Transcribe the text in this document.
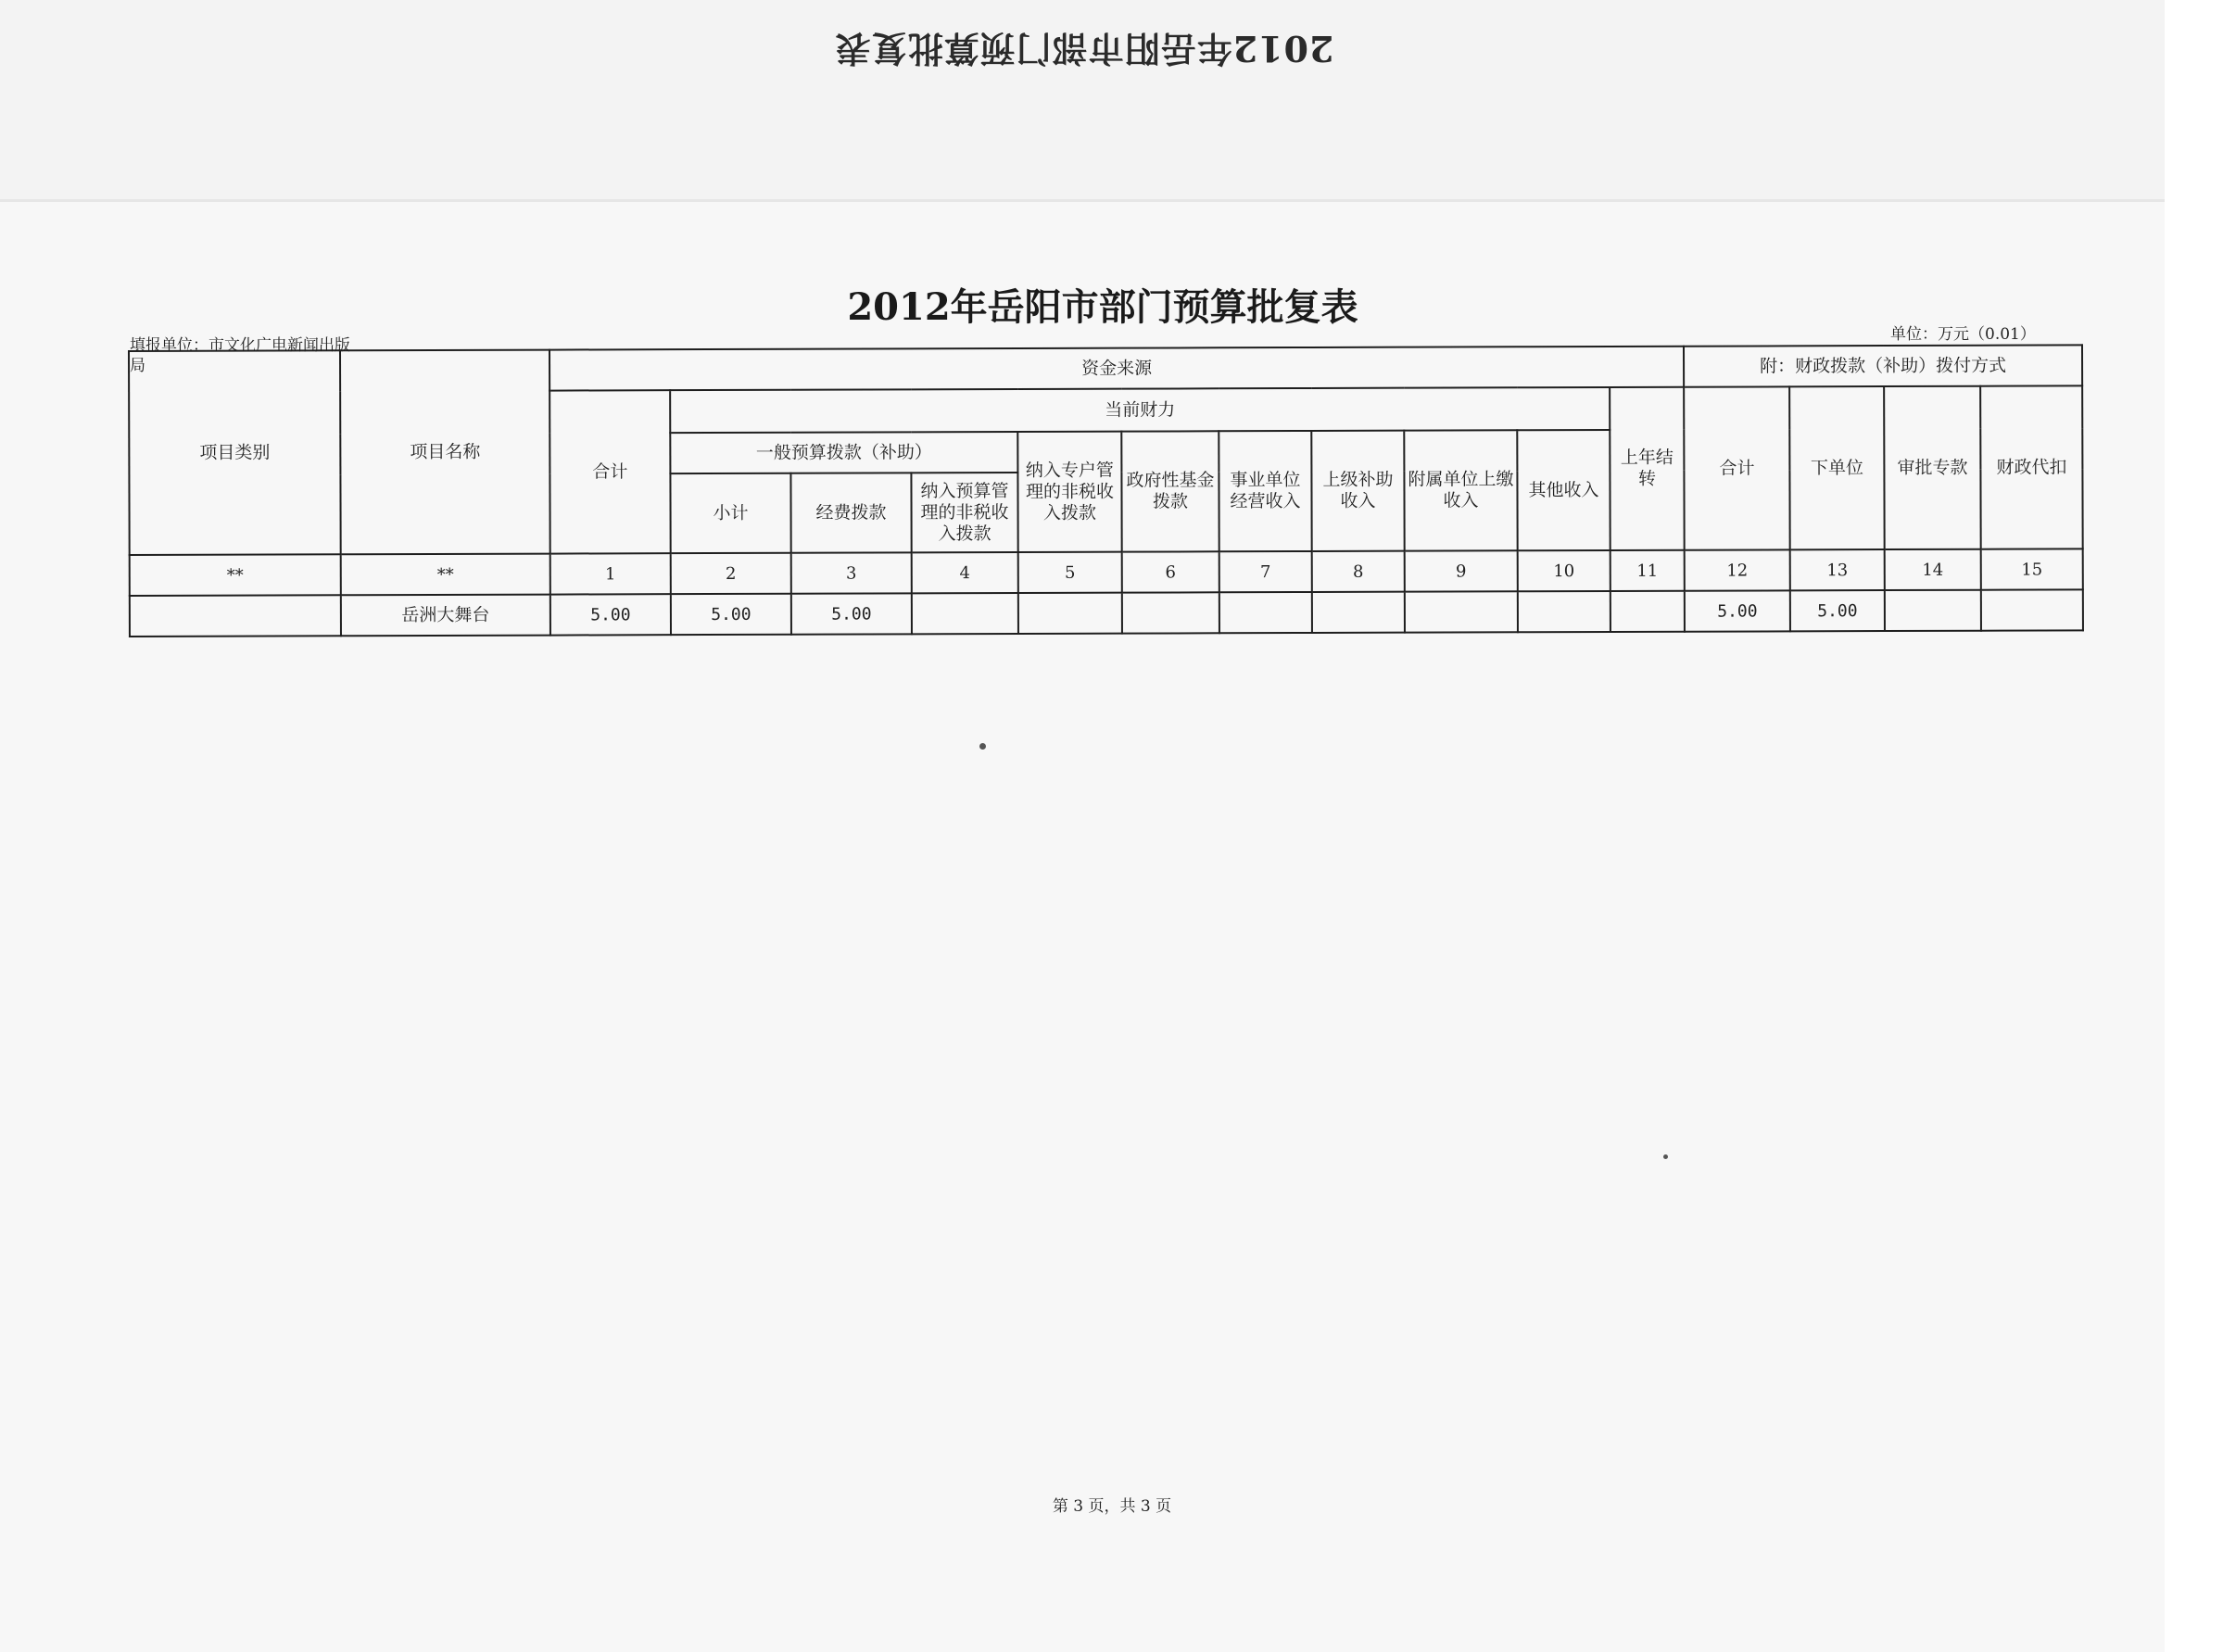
2012年岳阳市部门预算批复表
2012年岳阳市部门预算批复表
填报单位：市文化广电新闻出版局
单位：万元（0.01）
项目类别	项目名称	资金来源											附：财政拨款（补助）拨付方式			
		合计	当前财力									上年结转	合计	下单位	审批专款	财政代扣
			一般预算拨款（补助）			纳入专户管理的非税收入拨款	政府性基金拨款	事业单位经营收入	上级补助收入	附属单位上缴收入	其他收入					
			小计	经费拨款	纳入预算管理的非税收入拨款											
**	**	1	2	3	4	5	6	7	8	9	10	11	12	13	14	15
	岳洲大舞台	5.00	5.00	5.00									5.00	5.00		
第 3 页，共 3 页
